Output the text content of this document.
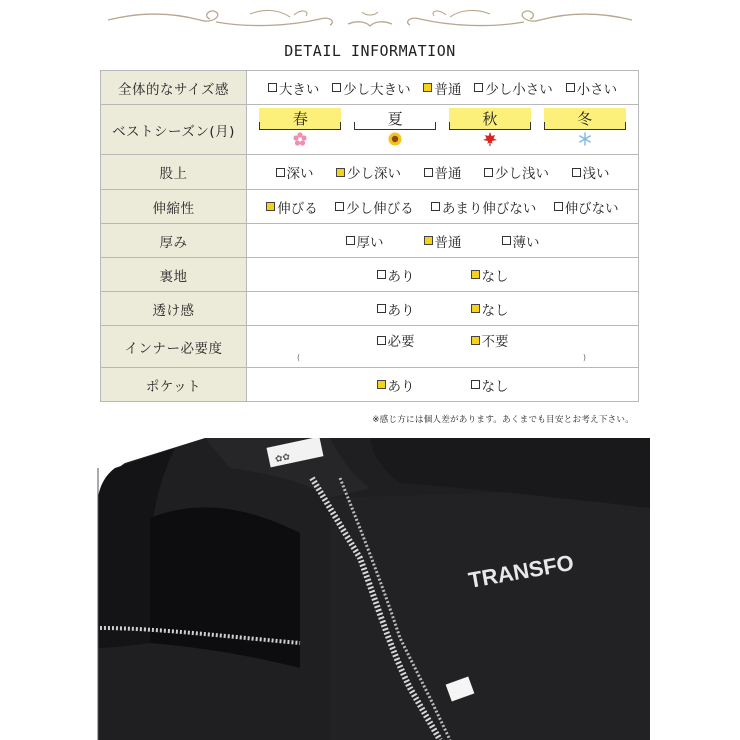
DETAIL INFORMATION
全体的なサイズ感	大きい 少し大きい 普通 少し小さい 小さい

ベストシーズン(月)	春 夏 秋 冬

股上	深い 少し深い 普通 少し浅い 浅い

伸縮性	伸びる 少し伸びる あまり伸びない 伸びない

厚み	厚い 普通 薄い

裏地	あり なし

透け感	あり なし

インナー必要度	必要 不要
( )

ポケット	あり なし
※感じ方には個人差があります。あくまでも目安とお考え下さい。
✿✿
TRANSFO
